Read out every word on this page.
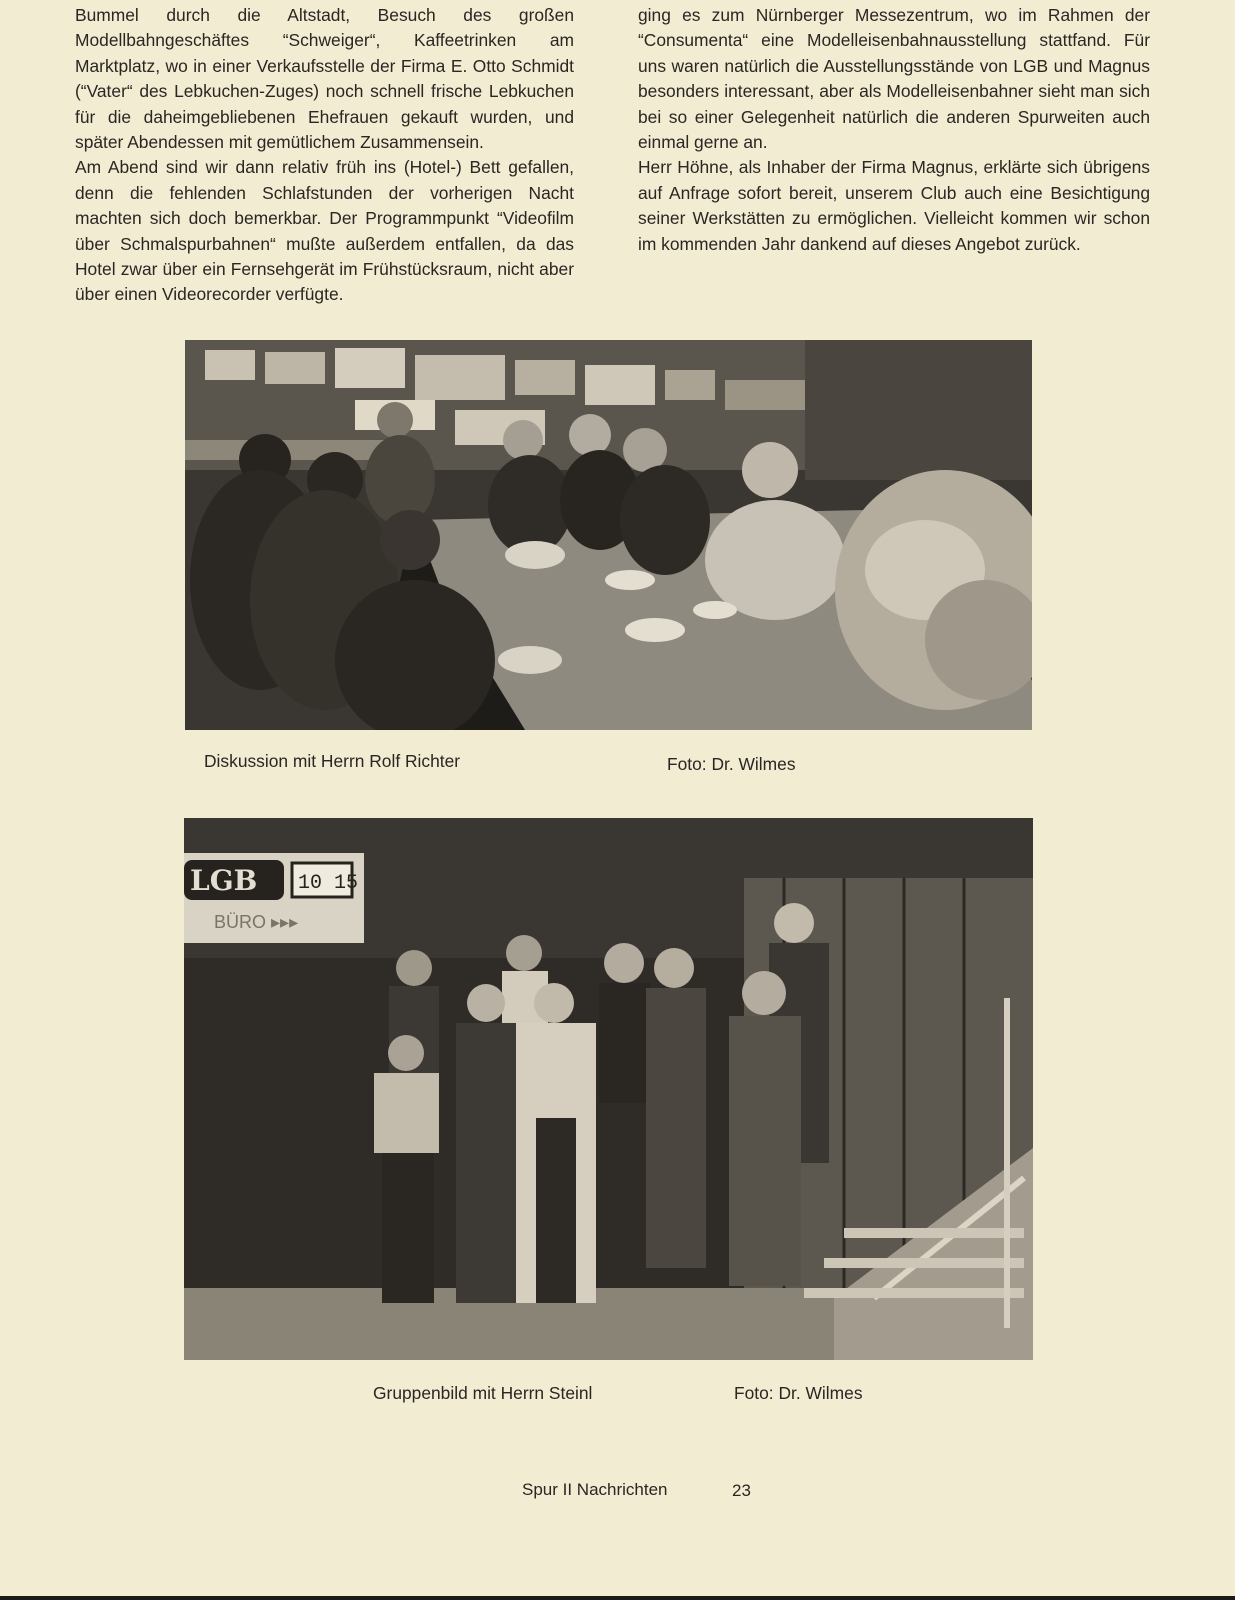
Bummel durch die Altstadt, Besuch des großen Modellbahngeschäftes “Schweiger“, Kaffeetrinken am Marktplatz, wo in einer Verkaufsstelle der Firma E. Otto Schmidt (“Vater“ des Lebkuchen-Zuges) noch schnell frische Lebkuchen für die daheimgebliebenen Ehefrauen gekauft wurden, und später Abendessen mit gemütlichem Zusammensein.

Am Abend sind wir dann relativ früh ins (Hotel-) Bett gefallen, denn die fehlenden Schlafstunden der vorherigen Nacht machten sich doch bemerkbar. Der Programmpunkt “Videofilm über Schmalspurbahnen“ mußte außerdem entfallen, da das Hotel zwar über ein Fernsehgerät im Frühstücksraum, nicht aber über einen Videorecorder verfügte.

ging es zum Nürnberger Messezentrum, wo im Rahmen der “Consumenta“ eine Modelleisenbahnausstellung stattfand. Für uns waren natürlich die Ausstellungsstände von LGB und Magnus besonders interessant, aber als Modelleisenbahner sieht man sich bei so einer Gelegenheit natürlich die anderen Spurweiten auch einmal gerne an.

Herr Höhne, als Inhaber der Firma Magnus, erklärte sich übrigens auf Anfrage sofort bereit, unserem Club auch eine Besichtigung seiner Werkstätten zu ermöglichen. Vielleicht kommen wir schon im kommenden Jahr dankend auf dieses Angebot zurück.

Diskussion mit Herrn Rolf Richter	Foto: Dr. Wilmes
LGB 10 15
BÜRO ▸▸▸
Gruppenbild mit Herrn Steinl	Foto: Dr. Wilmes
Spur II Nachrichten	23
